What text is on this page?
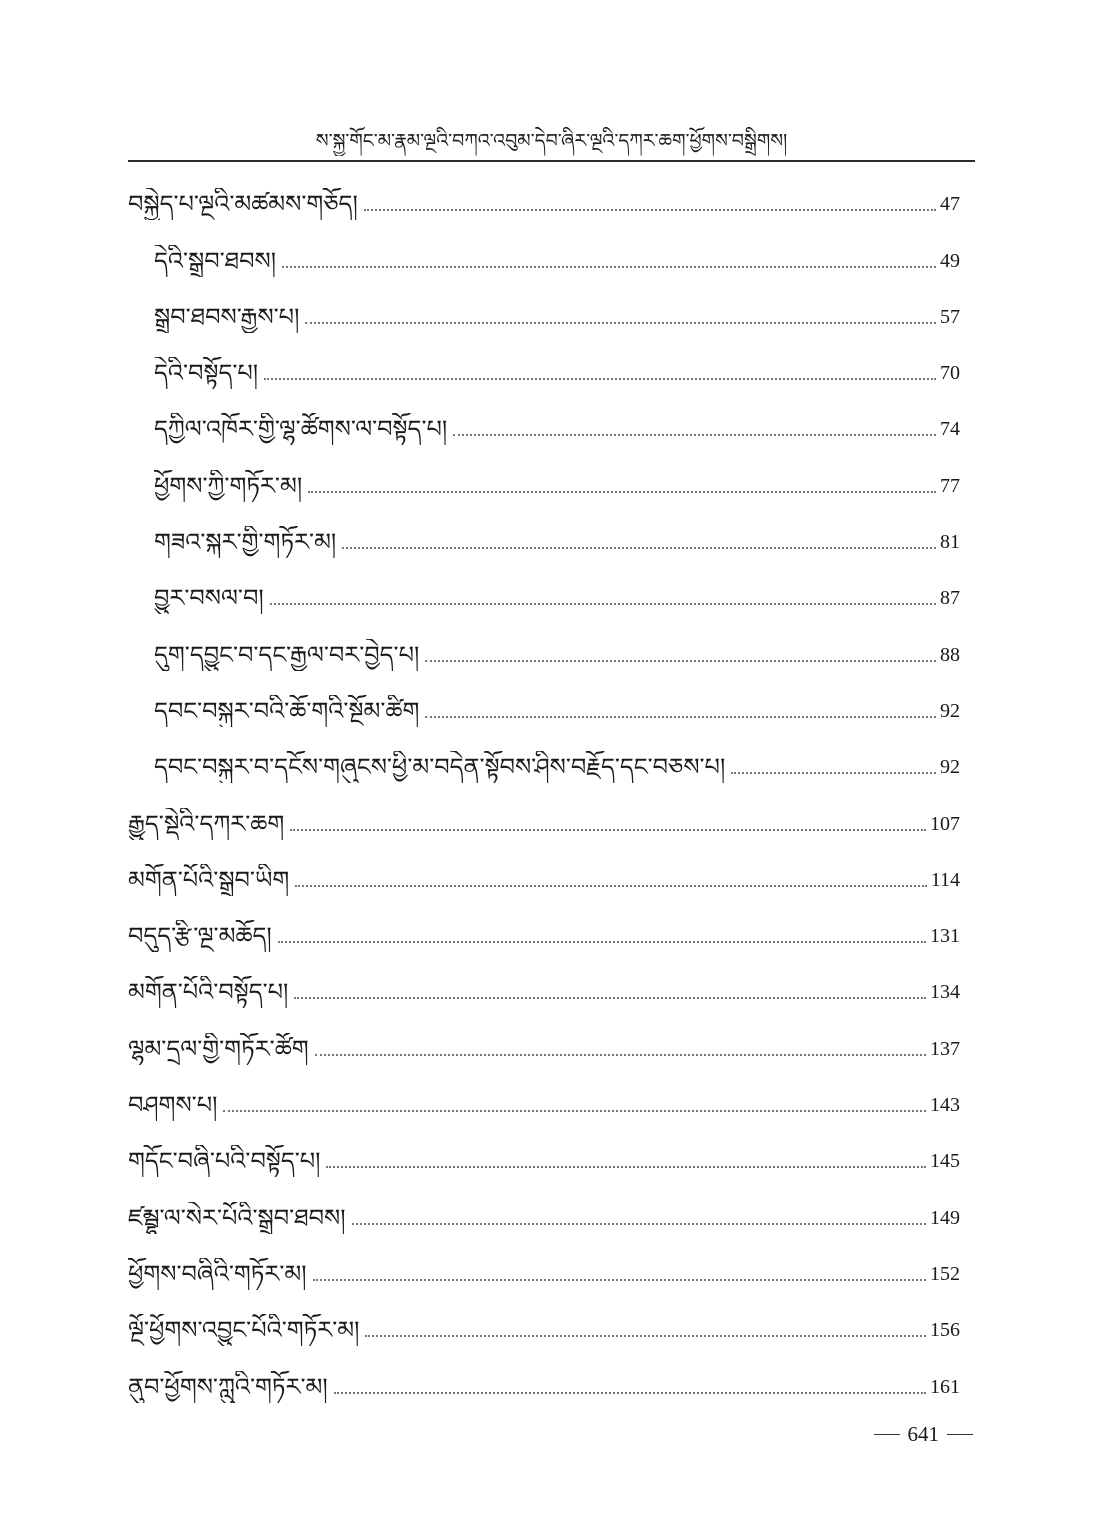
ས་སྐྱ་གོང་མ་རྣམ་ལྔའི་བཀའ་འབུམ་དེབ་ཞིར་ལྔའི་དཀར་ཆག་ཕྱོགས་བསྒྲིགས།
བསྐྱེད་པ་ལྔའི་མཚམས་གཅོད།	47
དེའི་སྒྲུབ་ཐབས།	49
སྒྲུབ་ཐབས་རྒྱས་པ།	57
དེའི་བསྟོད་པ།	70
དཀྱིལ་འཁོར་གྱི་ལྷ་ཚོགས་ལ་བསྟོད་པ།	74
ཕྱོགས་ཀྱི་གཏོར་མ།	77
གཟའ་སྐར་གྱི་གཏོར་མ།	81
བྱུར་བསལ་བ།	87
དུག་དབྱུང་བ་དང་རྒྱལ་བར་བྱེད་པ།	88
དབང་བསྐུར་བའི་ཆོ་གའི་སྔོམ་ཚིག	92
དབང་བསྐུར་བ་དངོས་གཞུངས་ཕྱི་མ་བདེན་སྟོབས་ཤིས་བརྗོད་དང་བཅས་པ།	92
རྒྱུད་སྡེའི་དཀར་ཆག	107
མགོན་པོའི་སྒྲུབ་ཡིག	114
བདུད་རྩི་ལྔ་མཆོད།	131
མགོན་པོའི་བསྟོད་པ།	134
ལྷམ་དྲལ་གྱི་གཏོར་ཚོག	137
བཤགས་པ།	143
གདོང་བཞི་པའི་བསྟོད་པ།	145
ཛམྦྷ་ལ་སེར་པོའི་སྒྲུབ་ཐབས།	149
ཕྱོགས་བཞིའི་གཏོར་མ།	152
ལྔོ་ཕྱོགས་འབྱུང་པོའི་གཏོར་མ།	156
ནུབ་ཕྱོགས་ཀླུའི་གཏོར་མ།	161
641
